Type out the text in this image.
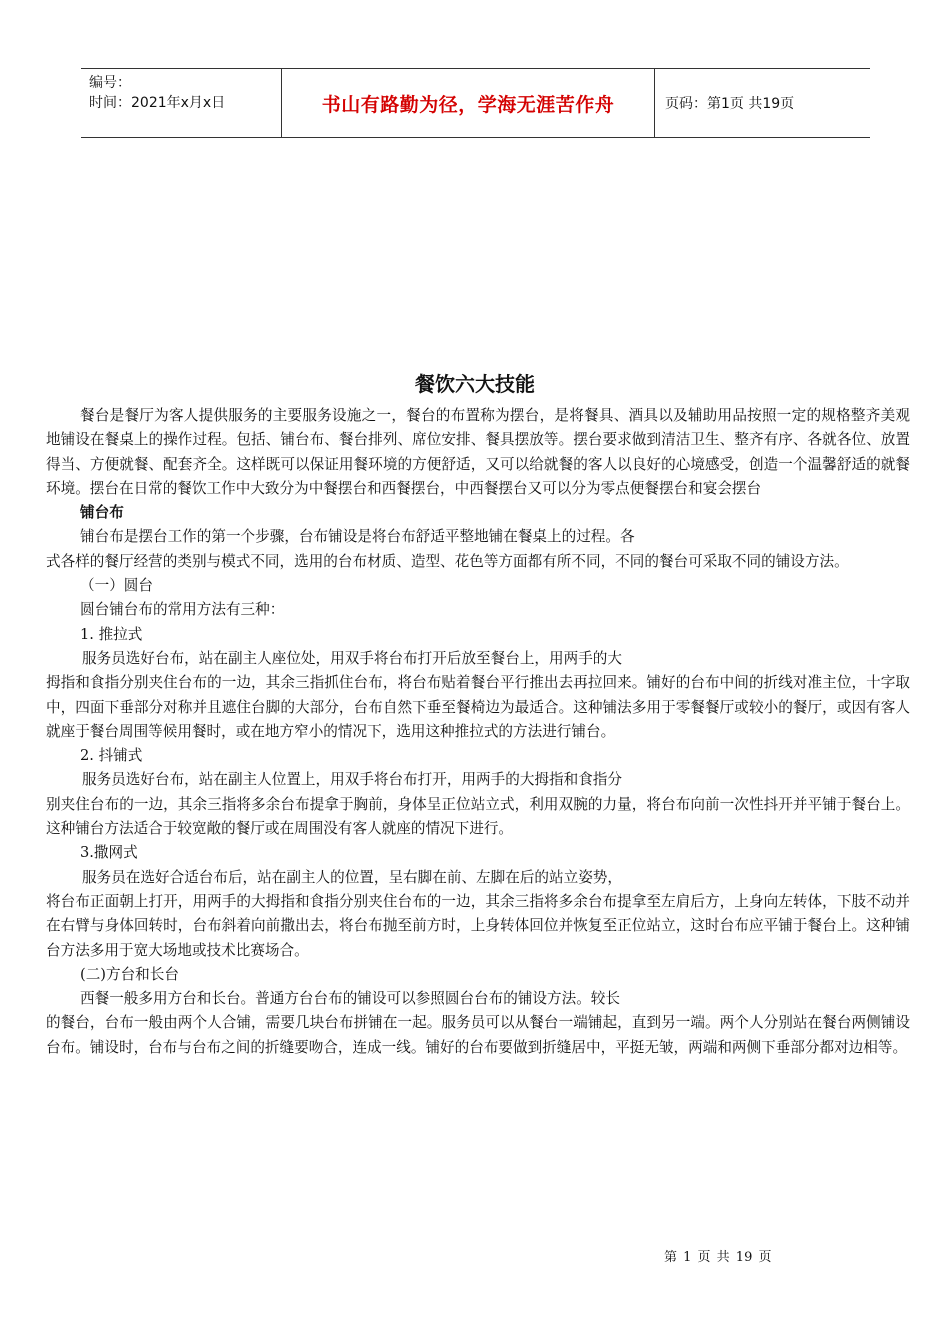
编号：
时间：2021年x月x日	书山有路勤为径，学海无涯苦作舟	页码：第1页 共19页
餐饮六大技能

餐台是餐厅为客人提供服务的主要服务设施之一，餐台的布置称为摆台，是将餐具、酒具以及辅助用品按照一定的规格整齐美观地铺设在餐桌上的操作过程。包括、铺台布、餐台排列、席位安排、餐具摆放等。摆台要求做到清洁卫生、整齐有序、各就各位、放置得当、方便就餐、配套齐全。这样既可以保证用餐环境的方便舒适，又可以给就餐的客人以良好的心境感受，创造一个温馨舒适的就餐环境。摆台在日常的餐饮工作中大致分为中餐摆台和西餐摆台，中西餐摆台又可以分为零点便餐摆台和宴会摆台

铺台布

铺台布是摆台工作的第一个步骤，台布铺设是将台布舒适平整地铺在餐桌上的过程。各

式各样的餐厅经营的类别与模式不同，选用的台布材质、造型、花色等方面都有所不同，不同的餐台可采取不同的铺设方法。

（一）圆台

圆台铺台布的常用方法有三种：

1. 推拉式

服务员选好台布，站在副主人座位处，用双手将台布打开后放至餐台上，用两手的大

拇指和食指分别夹住台布的一边，其余三指抓住台布，将台布贴着餐台平行推出去再拉回来。铺好的台布中间的折线对准主位，十字取中，四面下垂部分对称并且遮住台脚的大部分，台布自然下垂至餐椅边为最适合。这种铺法多用于零餐餐厅或较小的餐厅，或因有客人就座于餐台周围等候用餐时，或在地方窄小的情况下，选用这种推拉式的方法进行铺台。

2. 抖铺式

服务员选好台布，站在副主人位置上，用双手将台布打开，用两手的大拇指和食指分

别夹住台布的一边，其余三指将多余台布提拿于胸前，身体呈正位站立式，利用双腕的力量，将台布向前一次性抖开并平铺于餐台上。这种铺台方法适合于较宽敞的餐厅或在周围没有客人就座的情况下进行。

3.撒网式

服务员在选好合适台布后，站在副主人的位置，呈右脚在前、左脚在后的站立姿势，

将台布正面朝上打开，用两手的大拇指和食指分别夹住台布的一边，其余三指将多余台布提拿至左肩后方，上身向左转体，下肢不动并在右臂与身体回转时，台布斜着向前撒出去，将台布抛至前方时，上身转体回位并恢复至正位站立，这时台布应平铺于餐台上。这种铺台方法多用于宽大场地或技术比赛场合。

(二)方台和长台

西餐一般多用方台和长台。普通方台台布的铺设可以参照圆台台布的铺设方法。较长

的餐台，台布一般由两个人合铺，需要几块台布拼铺在一起。服务员可以从餐台一端铺起，直到另一端。两个人分别站在餐台两侧铺设台布。铺设时，台布与台布之间的折缝要吻合，连成一线。铺好的台布要做到折缝居中，平挺无皱，两端和两侧下垂部分都对边相等。

第 1 页 共 19 页
